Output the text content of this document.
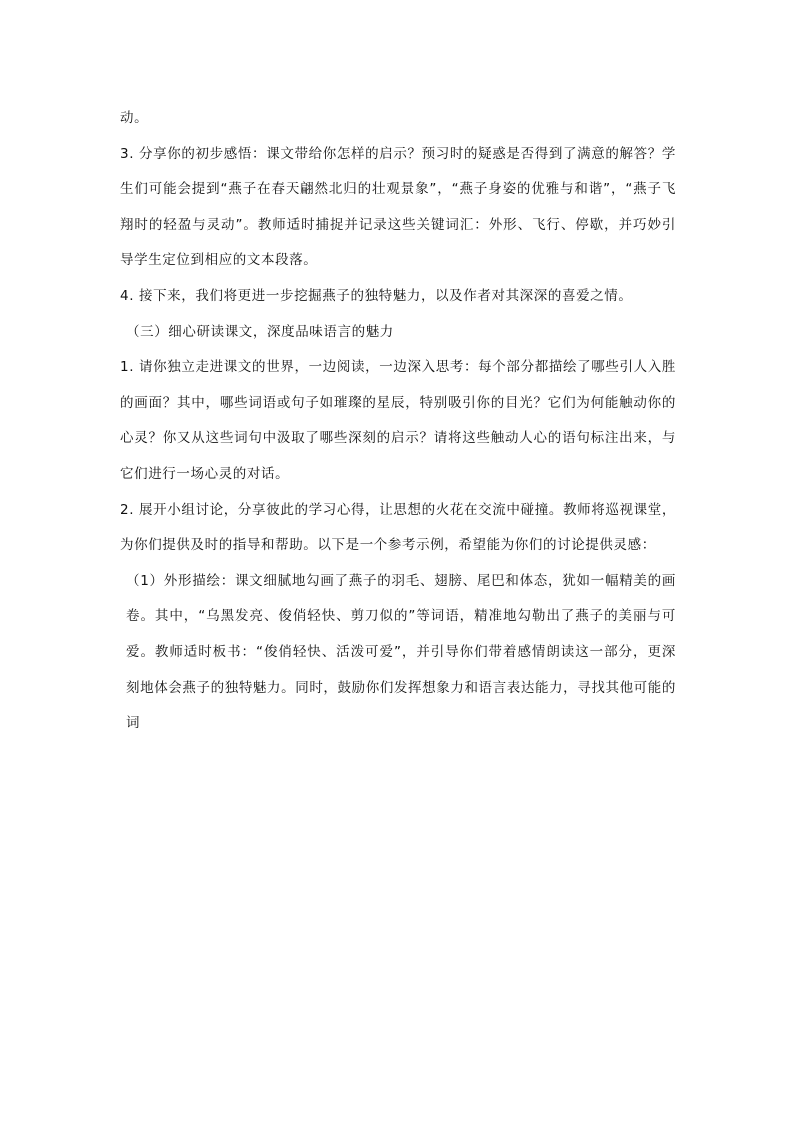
动。

3. 分享你的初步感悟：课文带给你怎样的启示？预习时的疑惑是否得到了满意的解答？学生们可能会提到“燕子在春天翩然北归的壮观景象”，“燕子身姿的优雅与和谐”，“燕子飞翔时的轻盈与灵动”。教师适时捕捉并记录这些关键词汇：外形、飞行、停歇，并巧妙引导学生定位到相应的文本段落。

4. 接下来，我们将更进一步挖掘燕子的独特魅力，以及作者对其深深的喜爱之情。

（三）细心研读课文，深度品味语言的魅力

1. 请你独立走进课文的世界，一边阅读，一边深入思考：每个部分都描绘了哪些引人入胜的画面？其中，哪些词语或句子如璀璨的星辰，特别吸引你的目光？它们为何能触动你的心灵？你又从这些词句中汲取了哪些深刻的启示？请将这些触动人心的语句标注出来，与它们进行一场心灵的对话。

2. 展开小组讨论，分享彼此的学习心得，让思想的火花在交流中碰撞。教师将巡视课堂，为你们提供及时的指导和帮助。以下是一个参考示例，希望能为你们的讨论提供灵感：

（1）外形描绘：课文细腻地勾画了燕子的羽毛、翅膀、尾巴和体态，犹如一幅精美的画卷。其中，“乌黑发亮、俊俏轻快、剪刀似的”等词语，精准地勾勒出了燕子的美丽与可爱。教师适时板书：“俊俏轻快、活泼可爱”，并引导你们带着感情朗读这一部分，更深刻地体会燕子的独特魅力。同时，鼓励你们发挥想象力和语言表达能力，寻找其他可能的词
